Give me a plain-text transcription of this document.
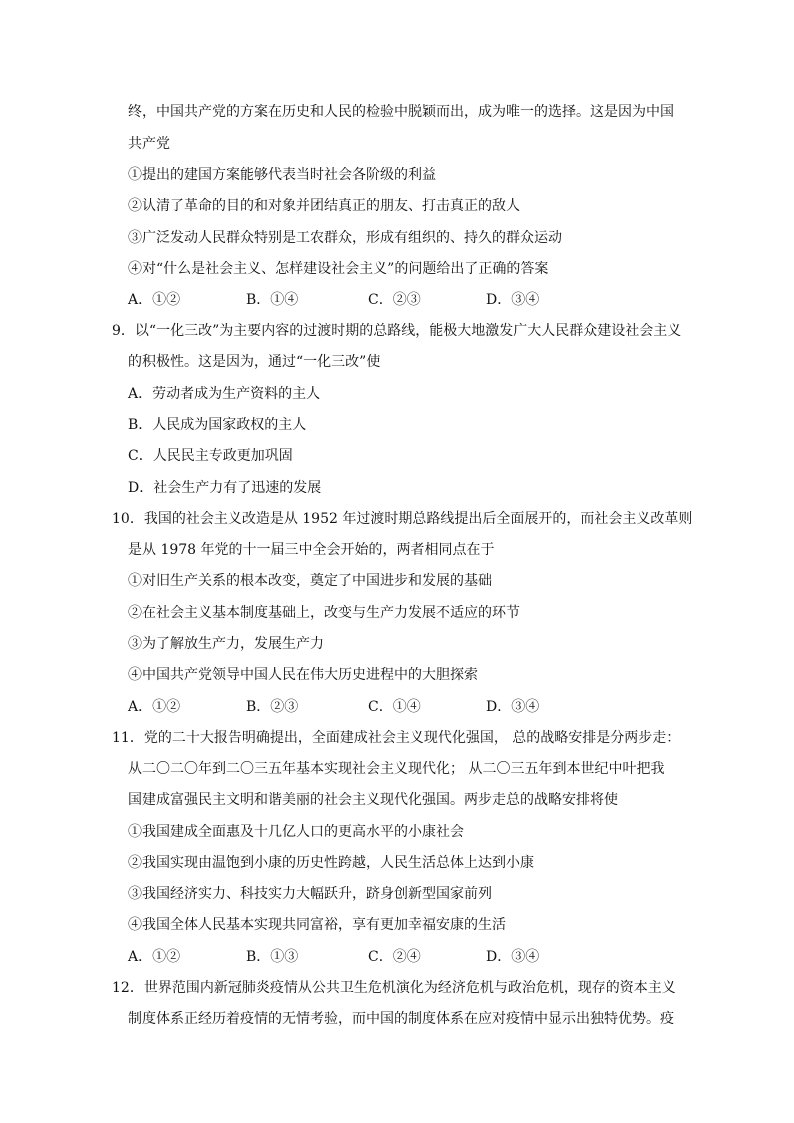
终，中国共产党的方案在历史和人民的检验中脱颖而出，成为唯一的选择。这是因为中国
共产党
①提出的建国方案能够代表当时社会各阶级的利益
②认清了革命的目的和对象并团结真正的朋友、打击真正的敌人
③广泛发动人民群众特别是工农群众，形成有组织的、持久的群众运动
④对“什么是社会主义、怎样建设社会主义”的问题给出了正确的答案
A．①②	B．①④	C．②③	D．③④
9．以“一化三改”为主要内容的过渡时期的总路线，能极大地激发广大人民群众建设社会主义
的积极性。这是因为，通过“一化三改”使
A．劳动者成为生产资料的主人
B．人民成为国家政权的主人
C．人民民主专政更加巩固
D．社会生产力有了迅速的发展
10．我国的社会主义改造是从 1952 年过渡时期总路线提出后全面展开的，而社会主义改革则
是从 1978 年党的十一届三中全会开始的，两者相同点在于
①对旧生产关系的根本改变，奠定了中国进步和发展的基础
②在社会主义基本制度基础上，改变与生产力发展不适应的环节
③为了解放生产力，发展生产力
④中国共产党领导中国人民在伟大历史进程中的大胆探索
A．①②	B．②③	C．①④	D．③④
11．党的二十大报告明确提出，全面建成社会主义现代化强国， 总的战略安排是分两步走：
从二〇二〇年到二〇三五年基本实现社会主义现代化； 从二〇三五年到本世纪中叶把我
国建成富强民主文明和谐美丽的社会主义现代化强国。两步走总的战略安排将使
①我国建成全面惠及十几亿人口的更高水平的小康社会
②我国实现由温饱到小康的历史性跨越，人民生活总体上达到小康
③我国经济实力、科技实力大幅跃升，跻身创新型国家前列
④我国全体人民基本实现共同富裕，享有更加幸福安康的生活
A．①②	B．①③	C．②④	D．③④
12．世界范围内新冠肺炎疫情从公共卫生危机演化为经济危机与政治危机，现存的资本主义
制度体系正经历着疫情的无情考验，而中国的制度体系在应对疫情中显示出独特优势。疫
